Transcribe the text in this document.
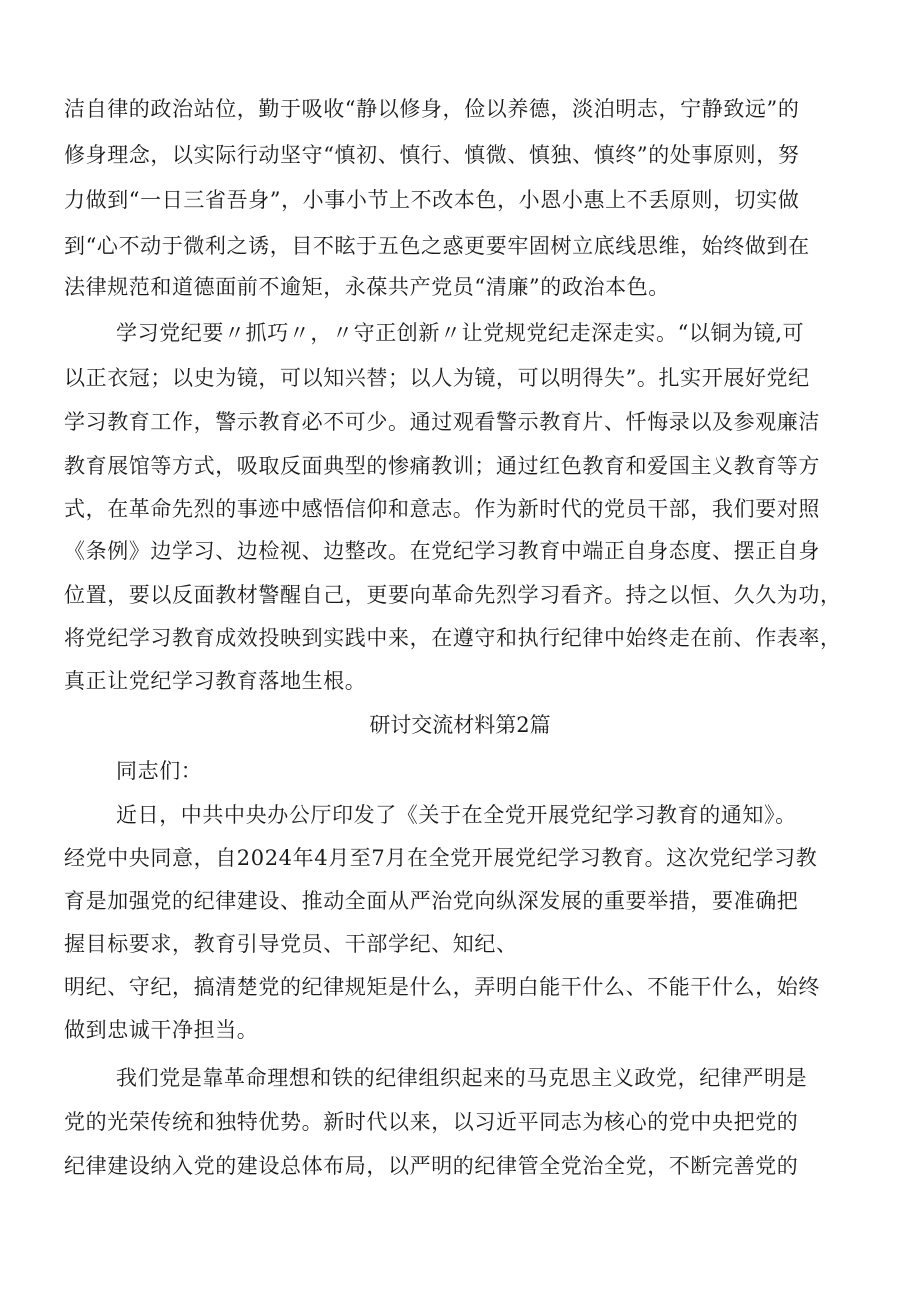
洁自律的政治站位，勤于吸收“静以修身，俭以养德，淡泊明志，宁静致远”的
修身理念，以实际行动坚守“慎初、慎行、慎微、慎独、慎终”的处事原则，努
力做到“一日三省吾身”，小事小节上不改本色，小恩小惠上不丢原则，切实做
到“心不动于微利之诱，目不眩于五色之惑更要牢固树立底线思维，始终做到在
法律规范和道德面前不逾矩，永葆共产党员“清廉”的政治本色。
学习党纪要〃抓巧〃，〃守正创新〃让党规党纪走深走实。“以铜为镜,可
以正衣冠；以史为镜，可以知兴替；以人为镜，可以明得失”。扎实开展好党纪
学习教育工作，警示教育必不可少。通过观看警示教育片、忏悔录以及参观廉洁
教育展馆等方式，吸取反面典型的惨痛教训；通过红色教育和爱国主义教育等方
式，在革命先烈的事迹中感悟信仰和意志。作为新时代的党员干部，我们要对照
《条例》边学习、边检视、边整改。在党纪学习教育中端正自身态度、摆正自身
位置，要以反面教材警醒自己，更要向革命先烈学习看齐。持之以恒、久久为功，
将党纪学习教育成效投映到实践中来，在遵守和执行纪律中始终走在前、作表率，
真正让党纪学习教育落地生根。
研讨交流材料第2篇
同志们：
近日，中共中央办公厅印发了《关于在全党开展党纪学习教育的通知》。
经党中央同意，自2024年4月至7月在全党开展党纪学习教育。这次党纪学习教
育是加强党的纪律建设、推动全面从严治党向纵深发展的重要举措，要准确把
握目标要求，教育引导党员、干部学纪、知纪、
明纪、守纪，搞清楚党的纪律规矩是什么，弄明白能干什么、不能干什么，始终
做到忠诚干净担当。
我们党是靠革命理想和铁的纪律组织起来的马克思主义政党，纪律严明是
党的光荣传统和独特优势。新时代以来，以习近平同志为核心的党中央把党的
纪律建设纳入党的建设总体布局，以严明的纪律管全党治全党，不断完善党的
